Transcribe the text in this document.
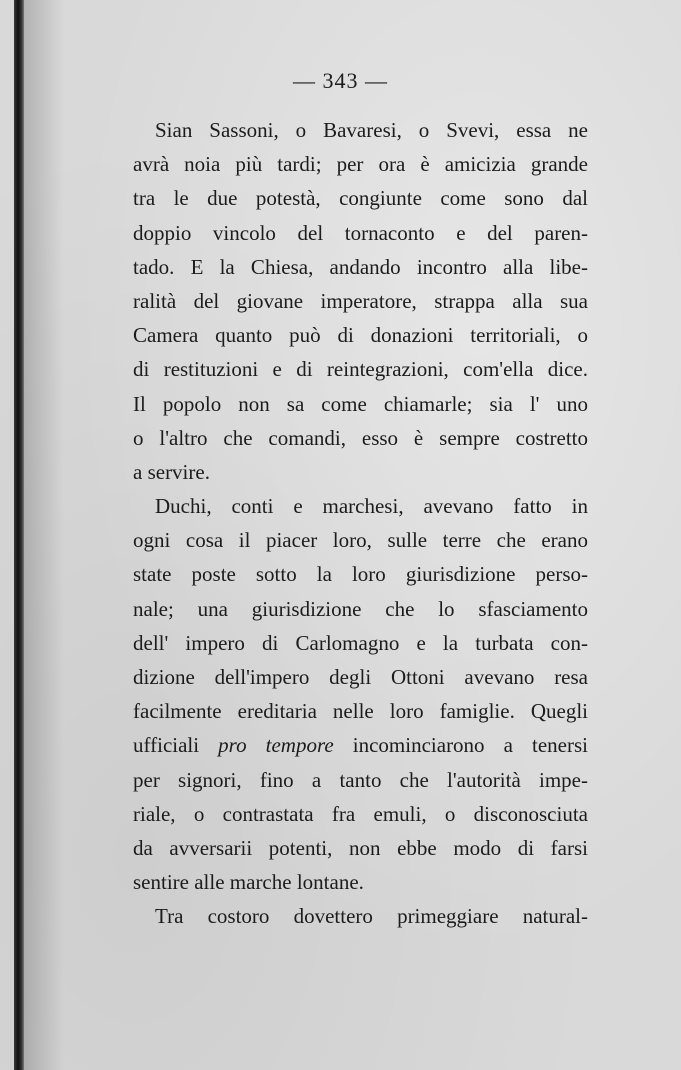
— 343 —
Sian Sassoni, o Bavaresi, o Svevi, essa ne
avrà noia più tardi; per ora è amicizia grande
tra le due potestà, congiunte come sono dal
doppio vincolo del tornaconto e del paren-
tado. E la Chiesa, andando incontro alla libe-
ralità del giovane imperatore, strappa alla sua
Camera quanto può di donazioni territoriali, o
di restituzioni e di reintegrazioni, com'ella dice.
Il popolo non sa come chiamarle; sia l' uno
o l'altro che comandi, esso è sempre costretto
a servire.
Duchi, conti e marchesi, avevano fatto in
ogni cosa il piacer loro, sulle terre che erano
state poste sotto la loro giurisdizione perso-
nale; una giurisdizione che lo sfasciamento
dell' impero di Carlomagno e la turbata con-
dizione dell'impero degli Ottoni avevano resa
facilmente ereditaria nelle loro famiglie. Quegli
ufficiali pro tempore incominciarono a tenersi
per signori, fino a tanto che l'autorità impe-
riale, o contrastata fra emuli, o disconosciuta
da avversarii potenti, non ebbe modo di farsi
sentire alle marche lontane.
Tra costoro dovettero primeggiare natural-
